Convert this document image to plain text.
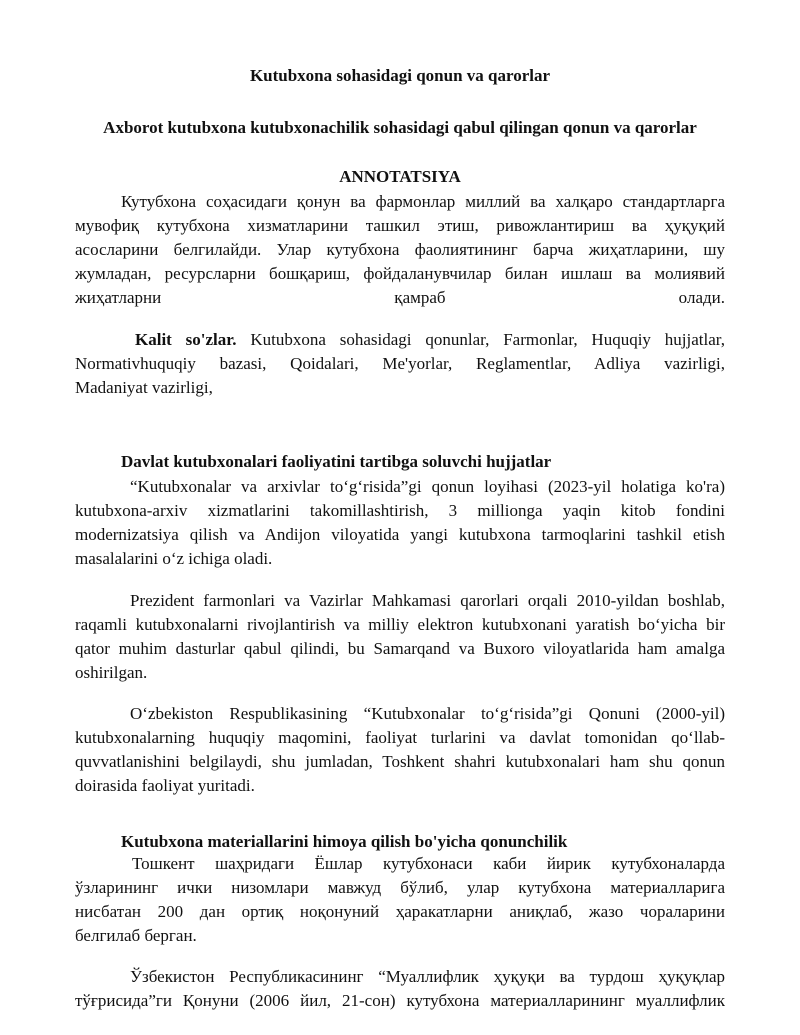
Kutubxona sohasidagi qonun va qarorlar
Axborot kutubxona kutubxonachilik sohasidagi qabul qilingan qonun va qarorlar
ANNOTATSIYA
Кутубхона соҳасидаги қонун ва фармонлар миллий ва халқаро стандартларга
мувофиқ кутубхона хизматларини ташкил этиш, ривожлантириш ва ҳуқуқий
асосларини белгилайди. Улар кутубхона фаолиятининг барча жиҳатларини, шу
жумладан, ресурсларни бошқариш, фойдаланувчилар билан ишлаш ва молиявий
жиҳатларни қамраб олади.
Kalit so'zlar. Kutubxona sohasidagi qonunlar, Farmonlar, Huquqiy hujjatlar,
Normativhuquqiy bazasi, Qoidalari, Me'yorlar, Reglamentlar, Adliya vazirligi,
Madaniyat vazirligi,
Davlat kutubxonalari faoliyatini tartibga soluvchi hujjatlar
“Kutubxonalar va arxivlar to‘g‘risida”gi qonun loyihasi (2023-yil holatiga ko'ra)
kutubxona-arxiv xizmatlarini takomillashtirish, 3 millionga yaqin kitob fondini
modernizatsiya qilish va Andijon viloyatida yangi kutubxona tarmoqlarini tashkil etish
masalalarini o‘z ichiga oladi.
Prezident farmonlari va Vazirlar Mahkamasi qarorlari orqali 2010-yildan boshlab,
raqamli kutubxonalarni rivojlantirish va milliy elektron kutubxonani yaratish bo‘yicha bir
qator muhim dasturlar qabul qilindi, bu Samarqand va Buxoro viloyatlarida ham amalga
oshirilgan.
O‘zbekiston Respublikasining “Kutubxonalar to‘g‘risida”gi Qonuni (2000-yil)
kutubxonalarning huquqiy maqomini, faoliyat turlarini va davlat tomonidan qo‘llab-
quvvatlanishini belgilaydi, shu jumladan, Toshkent shahri kutubxonalari ham shu qonun
doirasida faoliyat yuritadi.
Kutubxona materiallarini himoya qilish bo'yicha qonunchilik
Тошкент шаҳридаги Ёшлар кутубхонаси каби йирик кутубхоналарда
ўзларининг ички низомлари мавжуд бўлиб, улар кутубхона материалларига
нисбатан 200 дан ортиқ ноқонуний ҳаракатларни аниқлаб, жазо чораларини
белгилаб берган.
Ўзбекистон Республикасининг “Муаллифлик ҳуқуқи ва турдош ҳуқуқлар
тўғрисида”ги Қонуни (2006 йил, 21-сон) кутубхона материалларининг муаллифлик
